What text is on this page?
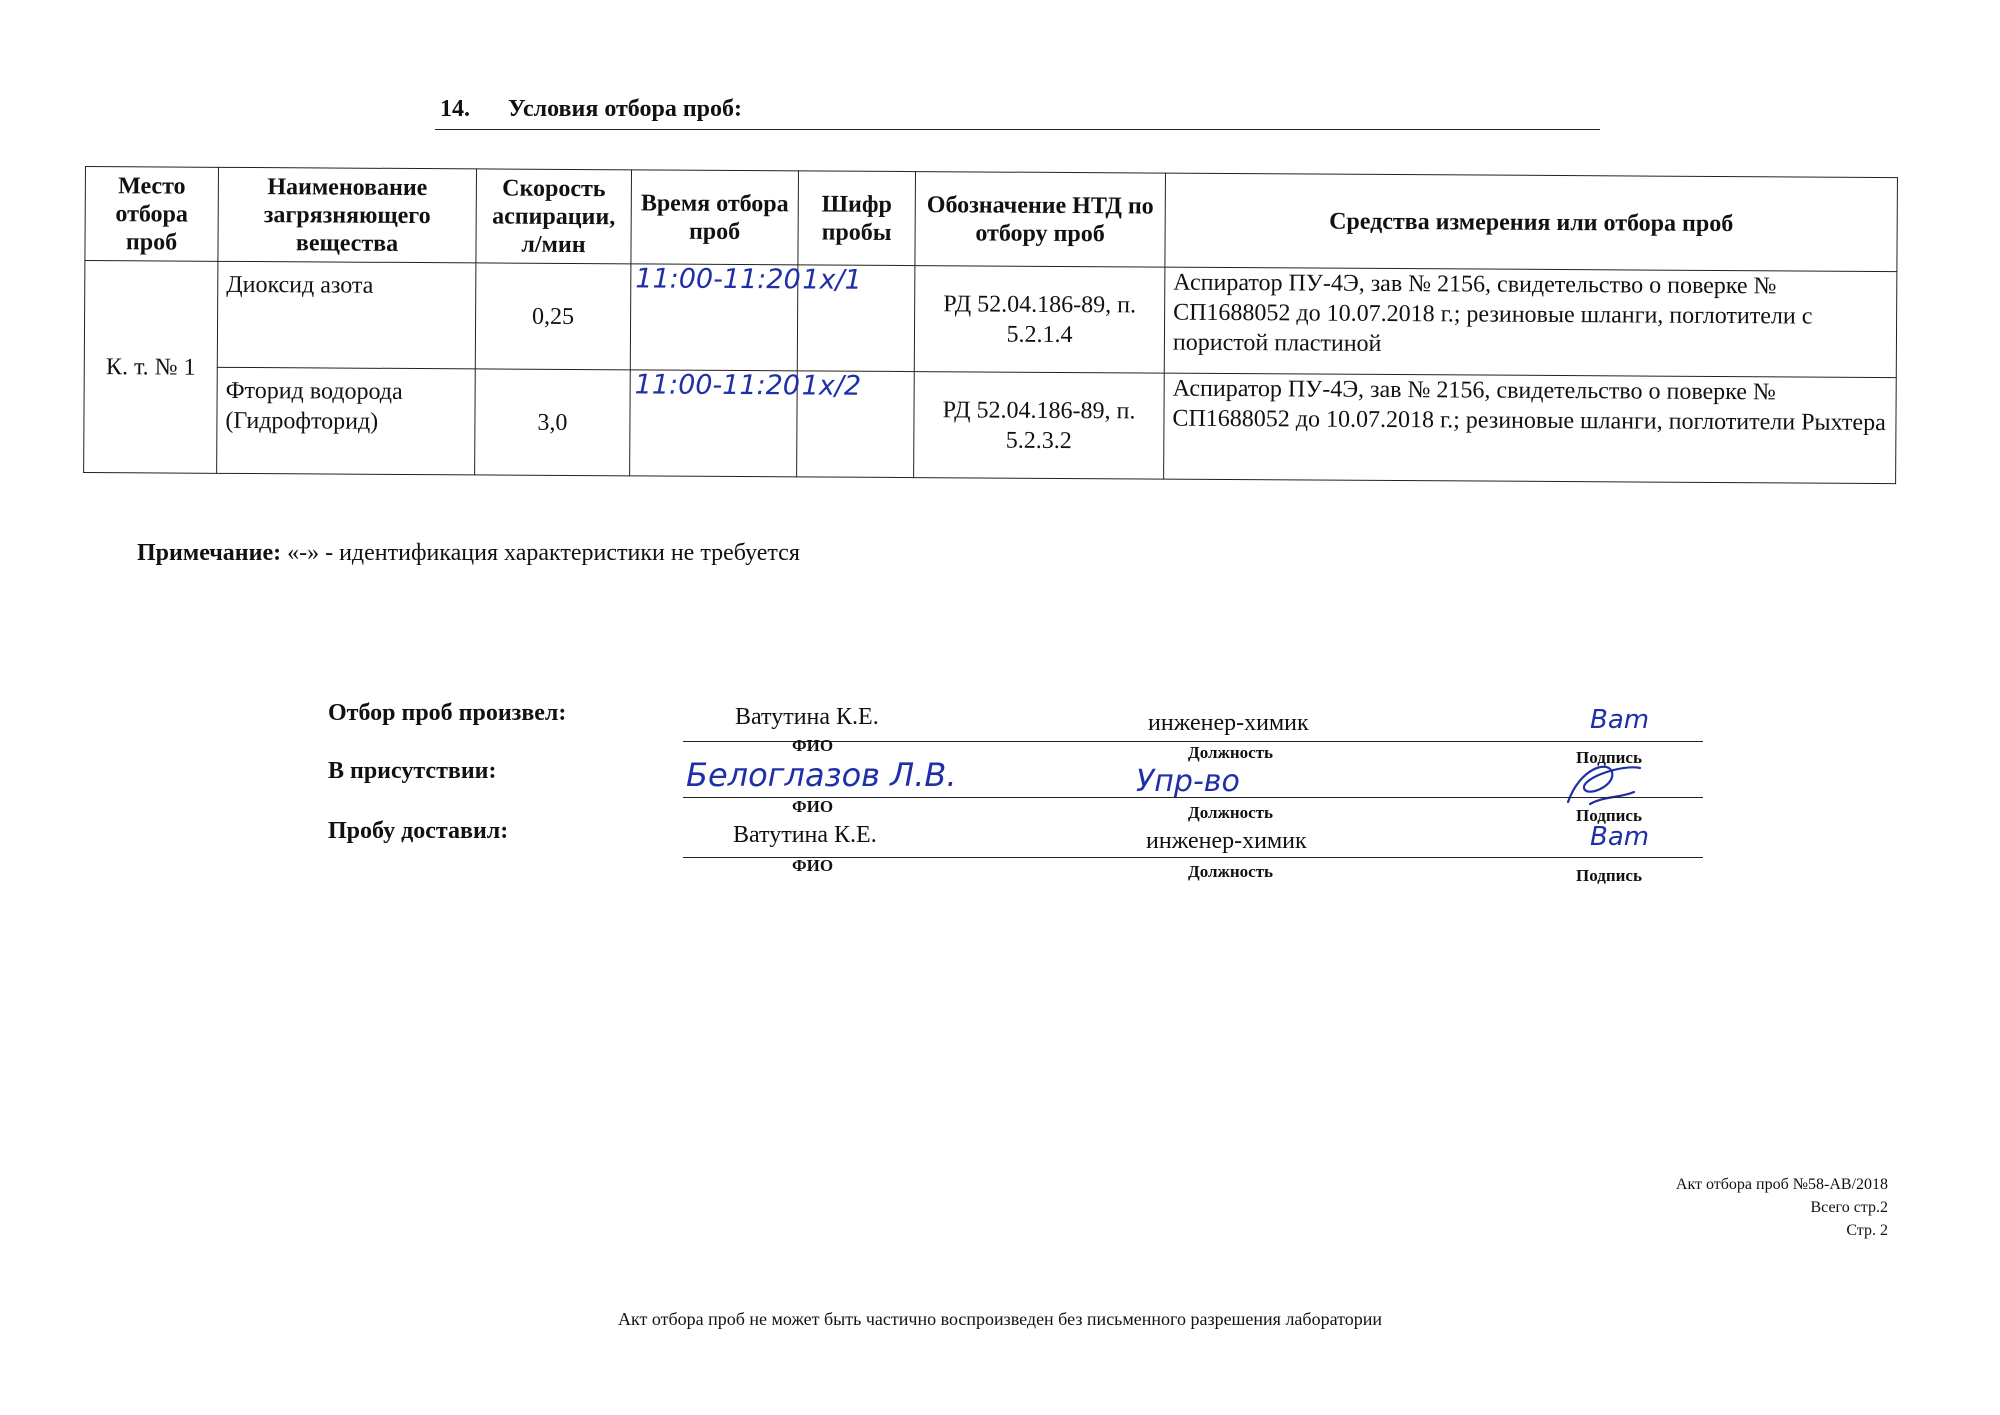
14. Условия отбора проб:
Место отбора проб	Наименование загрязняющего вещества	Скорость аспирации, л/мин	Время отбора проб	Шифр пробы	Обозначение НТД по отбору проб	Средства измерения или отбора проб
К. т. № 1	Диоксид азота	0,25	11:00-11:20	1x/1	РД 52.04.186-89, п. 5.2.1.4	Аспиратор ПУ-4Э, зав № 2156, свидетельство о поверке № СП1688052 до 10.07.2018 г.; резиновые шланги, поглотители с пористой пластиной
	Фторид водорода (Гидрофторид)	3,0	11:00-11:20	1x/2	РД 52.04.186-89, п. 5.2.3.2	Аспиратор ПУ-4Э, зав № 2156, свидетельство о поверке № СП1688052 до 10.07.2018 г.; резиновые шланги, поглотители Рыхтера
Примечание: «-» - идентификация характеристики не требуется
Отбор проб произвел:	Ватутина К.Е.	инженер-химик	Ваm
ФИО	Должность	Подпись
В присутствии:	Белоглазов Л.В.	Упр-во
ФИО	Должность	Подпись
Пробу доставил:	Ватутина К.Е.	инженер-химик	Ваm
ФИО	Должность	Подпись
Акт отбора проб №58-АВ/2018
Всего стр.2
Стр. 2
Акт отбора проб не может быть частично воспроизведен без письменного разрешения лаборатории
